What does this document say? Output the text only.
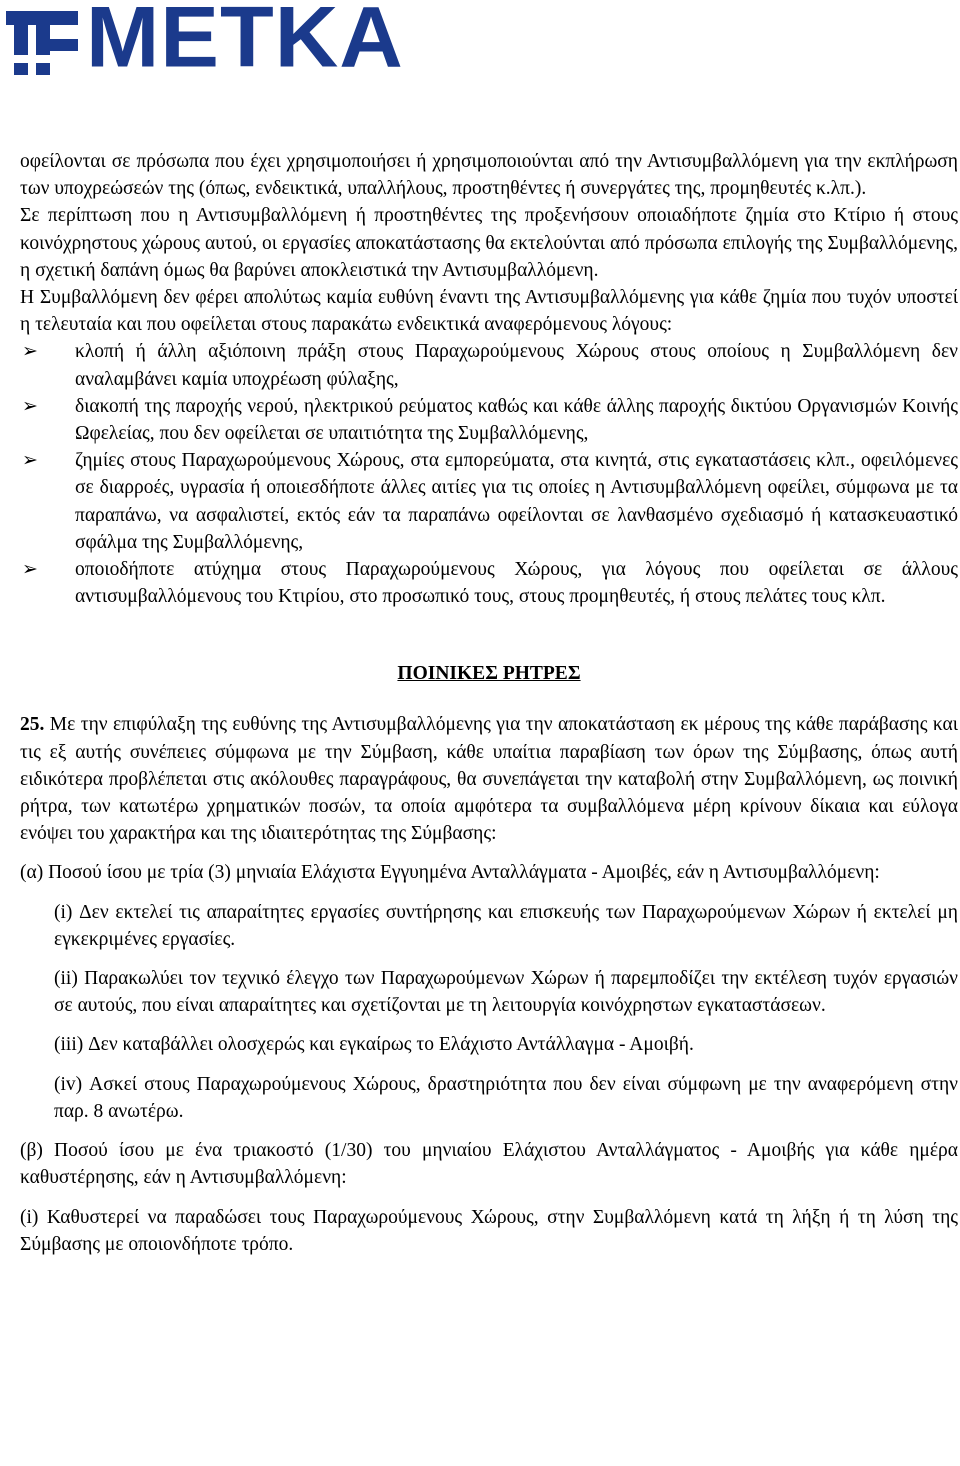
METKA

οφείλονται σε πρόσωπα που έχει χρησιμοποιήσει ή χρησιμοποιούνται από την Αντισυμβαλλόμενη για την εκπλήρωση των υποχρεώσεών της (όπως, ενδεικτικά, υπαλλήλους, προστηθέντες ή συνεργάτες της, προμηθευτές κ.λπ.).

Σε περίπτωση που η Αντισυμβαλλόμενη ή προστηθέντες της προξενήσουν οποιαδήποτε ζημία στο Κτίριο ή στους κοινόχρηστους χώρους αυτού, οι εργασίες αποκατάστασης θα εκτελούνται από πρόσωπα επιλογής της Συμβαλλόμενης, η σχετική δαπάνη όμως θα βαρύνει αποκλειστικά την Αντισυμβαλλόμενη.

Η Συμβαλλόμενη δεν φέρει απολύτως καμία ευθύνη έναντι της Αντισυμβαλλόμενης για κάθε ζημία που τυχόν υποστεί η τελευταία και που οφείλεται στους παρακάτω ενδεικτικά αναφερόμενους λόγους:

➢ κλοπή ή άλλη αξιόποινη πράξη στους Παραχωρούμενους Χώρους στους οποίους η Συμβαλλόμενη δεν αναλαμβάνει καμία υποχρέωση φύλαξης,
➢ διακοπή της παροχής νερού, ηλεκτρικού ρεύματος καθώς και κάθε άλλης παροχής δικτύου Οργανισμών Κοινής Ωφελείας, που δεν οφείλεται σε υπαιτιότητα της Συμβαλλόμενης,
➢ ζημίες στους Παραχωρούμενους Χώρους, στα εμπορεύματα, στα κινητά, στις εγκαταστάσεις κλπ., οφειλόμενες σε διαρροές, υγρασία ή οποιεσδήποτε άλλες αιτίες για τις οποίες η Αντισυμβαλλόμενη οφείλει, σύμφωνα με τα παραπάνω, να ασφαλιστεί, εκτός εάν τα παραπάνω οφείλονται σε λανθασμένο σχεδιασμό ή κατασκευαστικό σφάλμα της Συμβαλλόμενης,
➢ οποιοδήποτε ατύχημα στους Παραχωρούμενους Χώρους, για λόγους που οφείλεται σε άλλους αντισυμβαλλόμενους του Κτιρίου, στο προσωπικό τους, στους προμηθευτές, ή στους πελάτες τους κλπ.
ΠΟΙΝΙΚΕΣ ΡΗΤΡΕΣ

25. Με την επιφύλαξη της ευθύνης της Αντισυμβαλλόμενης για την αποκατάσταση εκ μέρους της κάθε παράβασης και τις εξ αυτής συνέπειες σύμφωνα με την Σύμβαση, κάθε υπαίτια παραβίαση των όρων της Σύμβασης, όπως αυτή ειδικότερα προβλέπεται στις ακόλουθες παραγράφους, θα συνεπάγεται την καταβολή στην Συμβαλλόμενη, ως ποινική ρήτρα, των κατωτέρω χρηματικών ποσών, τα οποία αμφότερα τα συμβαλλόμενα μέρη κρίνουν δίκαια και εύλογα ενόψει του χαρακτήρα και της ιδιαιτερότητας της Σύμβασης:

(α) Ποσού ίσου με τρία (3) μηνιαία Ελάχιστα Εγγυημένα Ανταλλάγματα - Αμοιβές, εάν η Αντισυμβαλλόμενη:

(i) Δεν εκτελεί τις απαραίτητες εργασίες συντήρησης και επισκευής των Παραχωρούμενων Χώρων ή εκτελεί μη εγκεκριμένες εργασίες.

(ii) Παρακωλύει τον τεχνικό έλεγχο των Παραχωρούμενων Χώρων ή παρεμποδίζει την εκτέλεση τυχόν εργασιών σε αυτούς, που είναι απαραίτητες και σχετίζονται με τη λειτουργία κοινόχρηστων εγκαταστάσεων.

(iii) Δεν καταβάλλει ολοσχερώς και εγκαίρως το Ελάχιστο Αντάλλαγμα - Αμοιβή.

(iv) Ασκεί στους Παραχωρούμενους Χώρους, δραστηριότητα που δεν είναι σύμφωνη με την αναφερόμενη στην παρ. 8 ανωτέρω.

(β) Ποσού ίσου με ένα τριακοστό (1/30) του μηνιαίου Ελάχιστου Ανταλλάγματος - Αμοιβής για κάθε ημέρα καθυστέρησης, εάν η Αντισυμβαλλόμενη:

(i) Καθυστερεί να παραδώσει τους Παραχωρούμενους Χώρους, στην Συμβαλλόμενη κατά τη λήξη ή τη λύση της Σύμβασης με οποιονδήποτε τρόπο.
